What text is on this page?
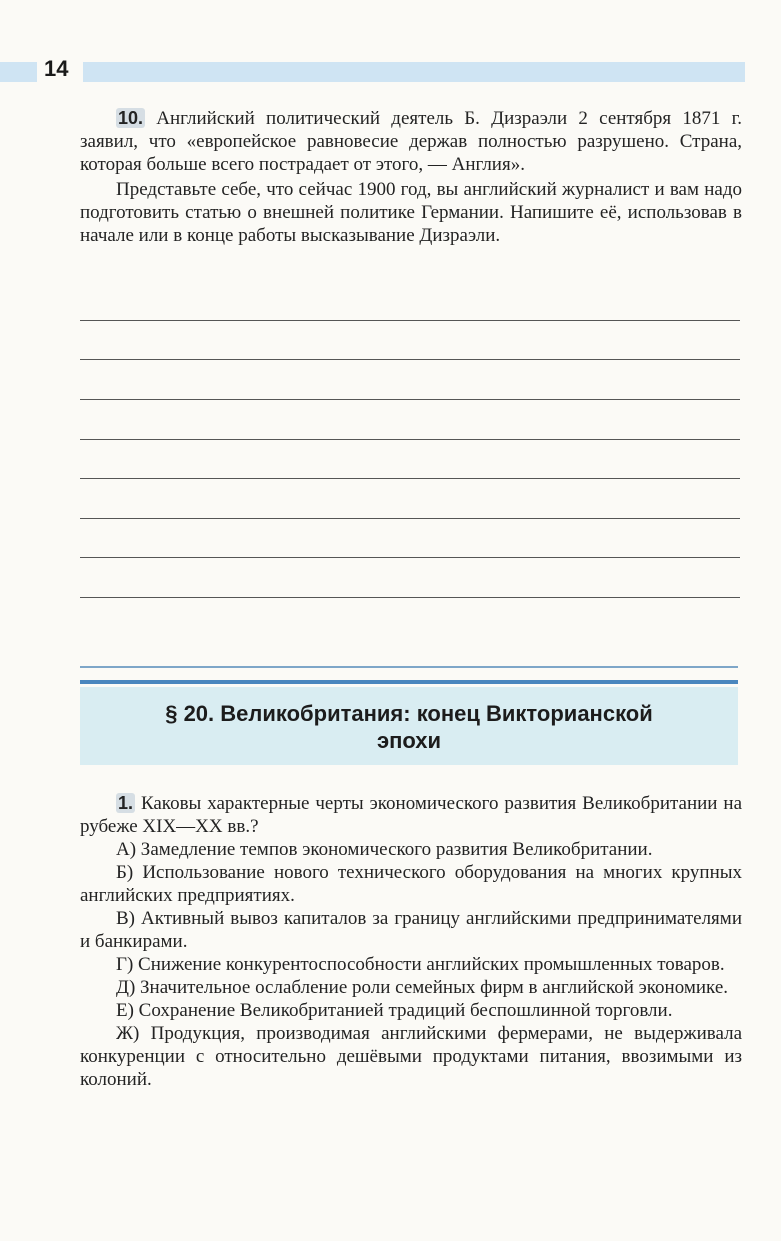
14

10. Английский политический деятель Б. Дизраэли 2 сентября 1871 г. заявил, что «европейское равновесие держав полностью разрушено. Страна, которая больше всего пострадает от этого, — Англия».

Представьте себе, что сейчас 1900 год, вы английский журналист и вам надо подготовить статью о внешней политике Германии. Напишите её, использовав в начале или в конце работы высказывание Дизраэли.

§ 20. Великобритания: конец Викторианской
эпохи

1. Каковы характерные черты экономического развития Великобритании на рубеже XIX—XX вв.?

А) Замедление темпов экономического развития Великобритании.

Б) Использование нового технического оборудования на многих крупных английских предприятиях.

В) Активный вывоз капиталов за границу английскими предпринимателями и банкирами.

Г) Снижение конкурентоспособности английских промышленных товаров.

Д) Значительное ослабление роли семейных фирм в английской экономике.

Е) Сохранение Великобританией традиций беспошлинной торговли.

Ж) Продукция, производимая английскими фермерами, не выдерживала конкуренции с относительно дешёвыми продуктами питания, ввозимыми из колоний.
